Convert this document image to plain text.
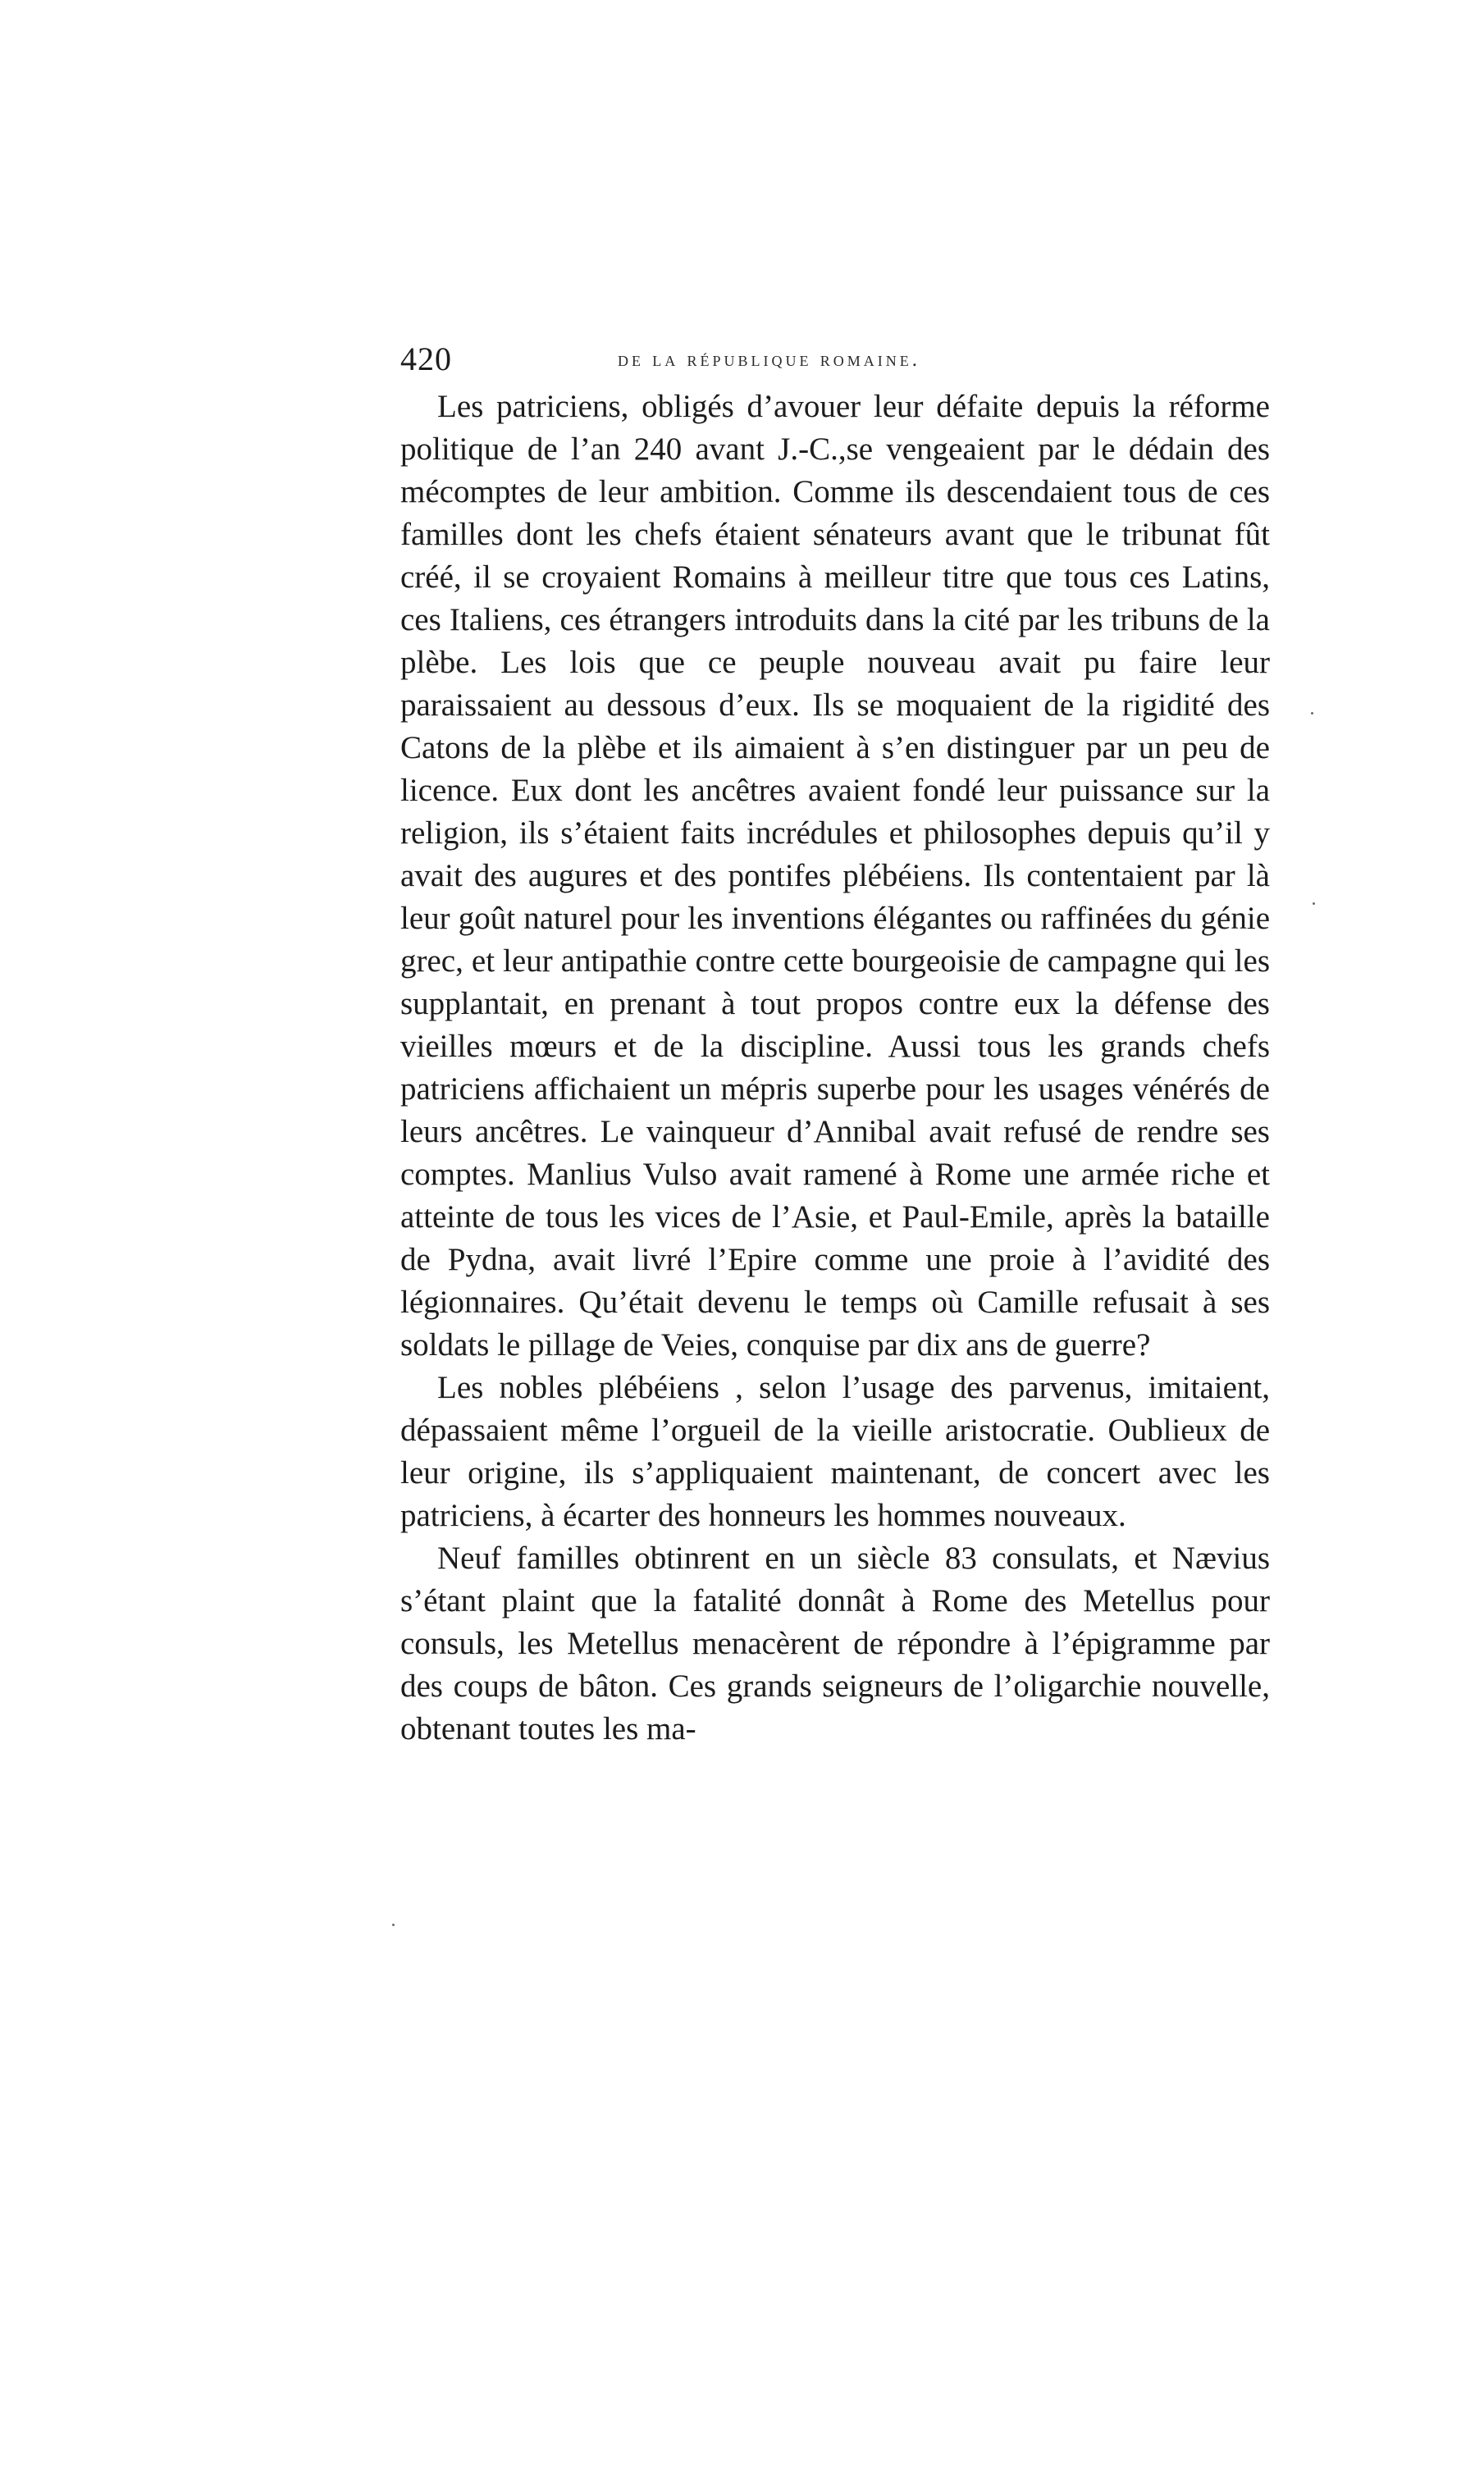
420	de la république romaine.

Les patriciens, obligés d’avouer leur défaite depuis la réforme politique de l’an 240 avant J.-C.,se vengeaient par le dédain des mécomptes de leur ambition. Comme ils descendaient tous de ces familles dont les chefs étaient sénateurs avant que le tribunat fût créé, il se croyaient Romains à meilleur titre que tous ces Latins, ces Italiens, ces étrangers introduits dans la cité par les tribuns de la plèbe. Les lois que ce peuple nouveau avait pu faire leur paraissaient au dessous d’eux. Ils se moquaient de la rigidité des Catons de la plèbe et ils aimaient à s’en distinguer par un peu de licence. Eux dont les ancêtres avaient fondé leur puissance sur la religion, ils s’étaient faits incrédules et philosophes depuis qu’il y avait des augures et des pontifes plébéiens. Ils contentaient par là leur goût naturel pour les inventions élégantes ou raffinées du génie grec, et leur antipathie contre cette bourgeoisie de campagne qui les supplantait, en prenant à tout propos contre eux la défense des vieilles mœurs et de la discipline. Aussi tous les grands chefs patriciens affichaient un mépris superbe pour les usages vénérés de leurs ancêtres. Le vainqueur d’Annibal avait refusé de rendre ses comptes. Manlius Vulso avait ramené à Rome une armée riche et atteinte de tous les vices de l’Asie, et Paul-Emile, après la bataille de Pydna, avait livré l’Epire comme une proie à l’avidité des légionnaires. Qu’était devenu le temps où Camille refusait à ses soldats le pillage de Veies, conquise par dix ans de guerre?

Les nobles plébéiens , selon l’usage des parvenus, imitaient, dépassaient même l’orgueil de la vieille aristocratie. Oublieux de leur origine, ils s’appliquaient maintenant, de concert avec les patriciens, à écarter des honneurs les hommes nouveaux.

Neuf familles obtinrent en un siècle 83 consulats, et Nævius s’étant plaint que la fatalité donnât à Rome des Metellus pour consuls, les Metellus menacèrent de répondre à l’épigramme par des coups de bâton. Ces grands seigneurs de l’oligarchie nouvelle, obtenant toutes les ma-
